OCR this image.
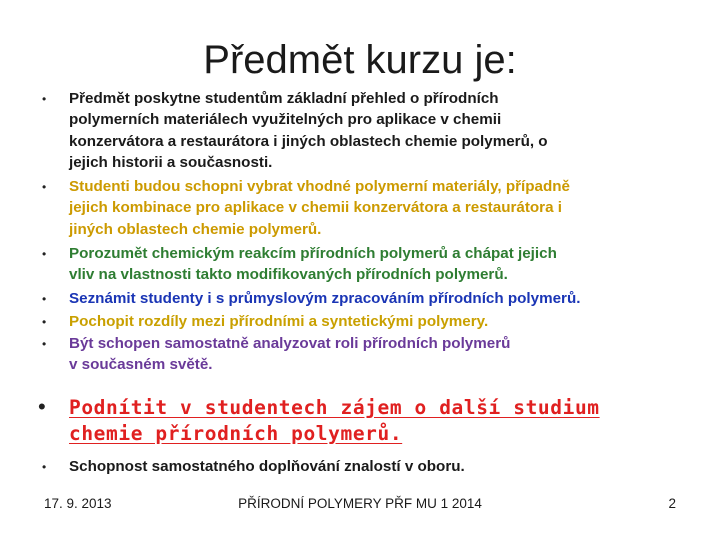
Předmět kurzu je:
• Předmět poskytne studentům základní přehled o přírodních
polymerních materiálech využitelných pro aplikace v chemii
konzervátora a restaurátora i jiných oblastech chemie polymerů, o
jejich historii a současnosti.
• Studenti budou schopni vybrat vhodné polymerní materiály, případně
jejich kombinace pro aplikace v chemii konzervátora a restaurátora i
jiných oblastech chemie polymerů.
• Porozumět chemickým reakcím přírodních polymerů a chápat jejich
vliv na vlastnosti takto modifikovaných přírodních polymerů.
• Seznámit studenty i s průmyslovým zpracováním přírodních polymerů.
• Pochopit rozdíly mezi přírodními a syntetickými polymery.
• Být schopen samostatně analyzovat roli přírodních polymerů
v současném světě.
• Podnítit v studentech zájem o další studium
chemie přírodních polymerů.
• Schopnost samostatného doplňování znalostí v oboru.
17. 9. 2013	PŘÍRODNÍ POLYMERY PŘF MU 1 2014	2
